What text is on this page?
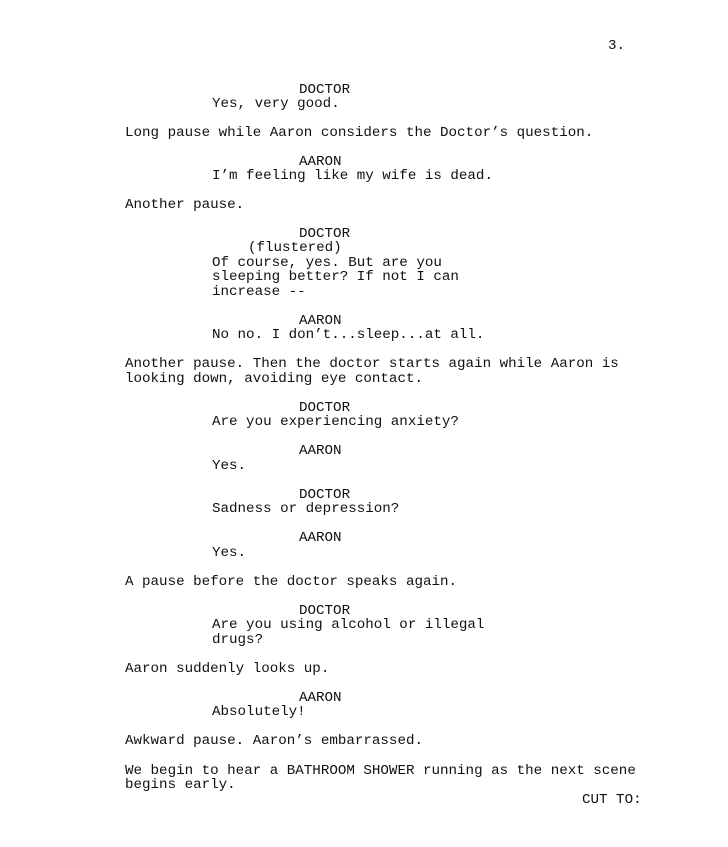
3.
DOCTOR
Yes, very good.
Long pause while Aaron considers the Doctor’s question.
AARON
I’m feeling like my wife is dead.
Another pause.
DOCTOR
(flustered)
Of course, yes. But are you
sleeping better? If not I can
increase --
AARON
No no. I don’t...sleep...at all.
Another pause. Then the doctor starts again while Aaron is
looking down, avoiding eye contact.
DOCTOR
Are you experiencing anxiety?
AARON
Yes.
DOCTOR
Sadness or depression?
AARON
Yes.
A pause before the doctor speaks again.
DOCTOR
Are you using alcohol or illegal
drugs?
Aaron suddenly looks up.
AARON
Absolutely!
Awkward pause. Aaron’s embarrassed.
We begin to hear a BATHROOM SHOWER running as the next scene
begins early.
CUT TO:
